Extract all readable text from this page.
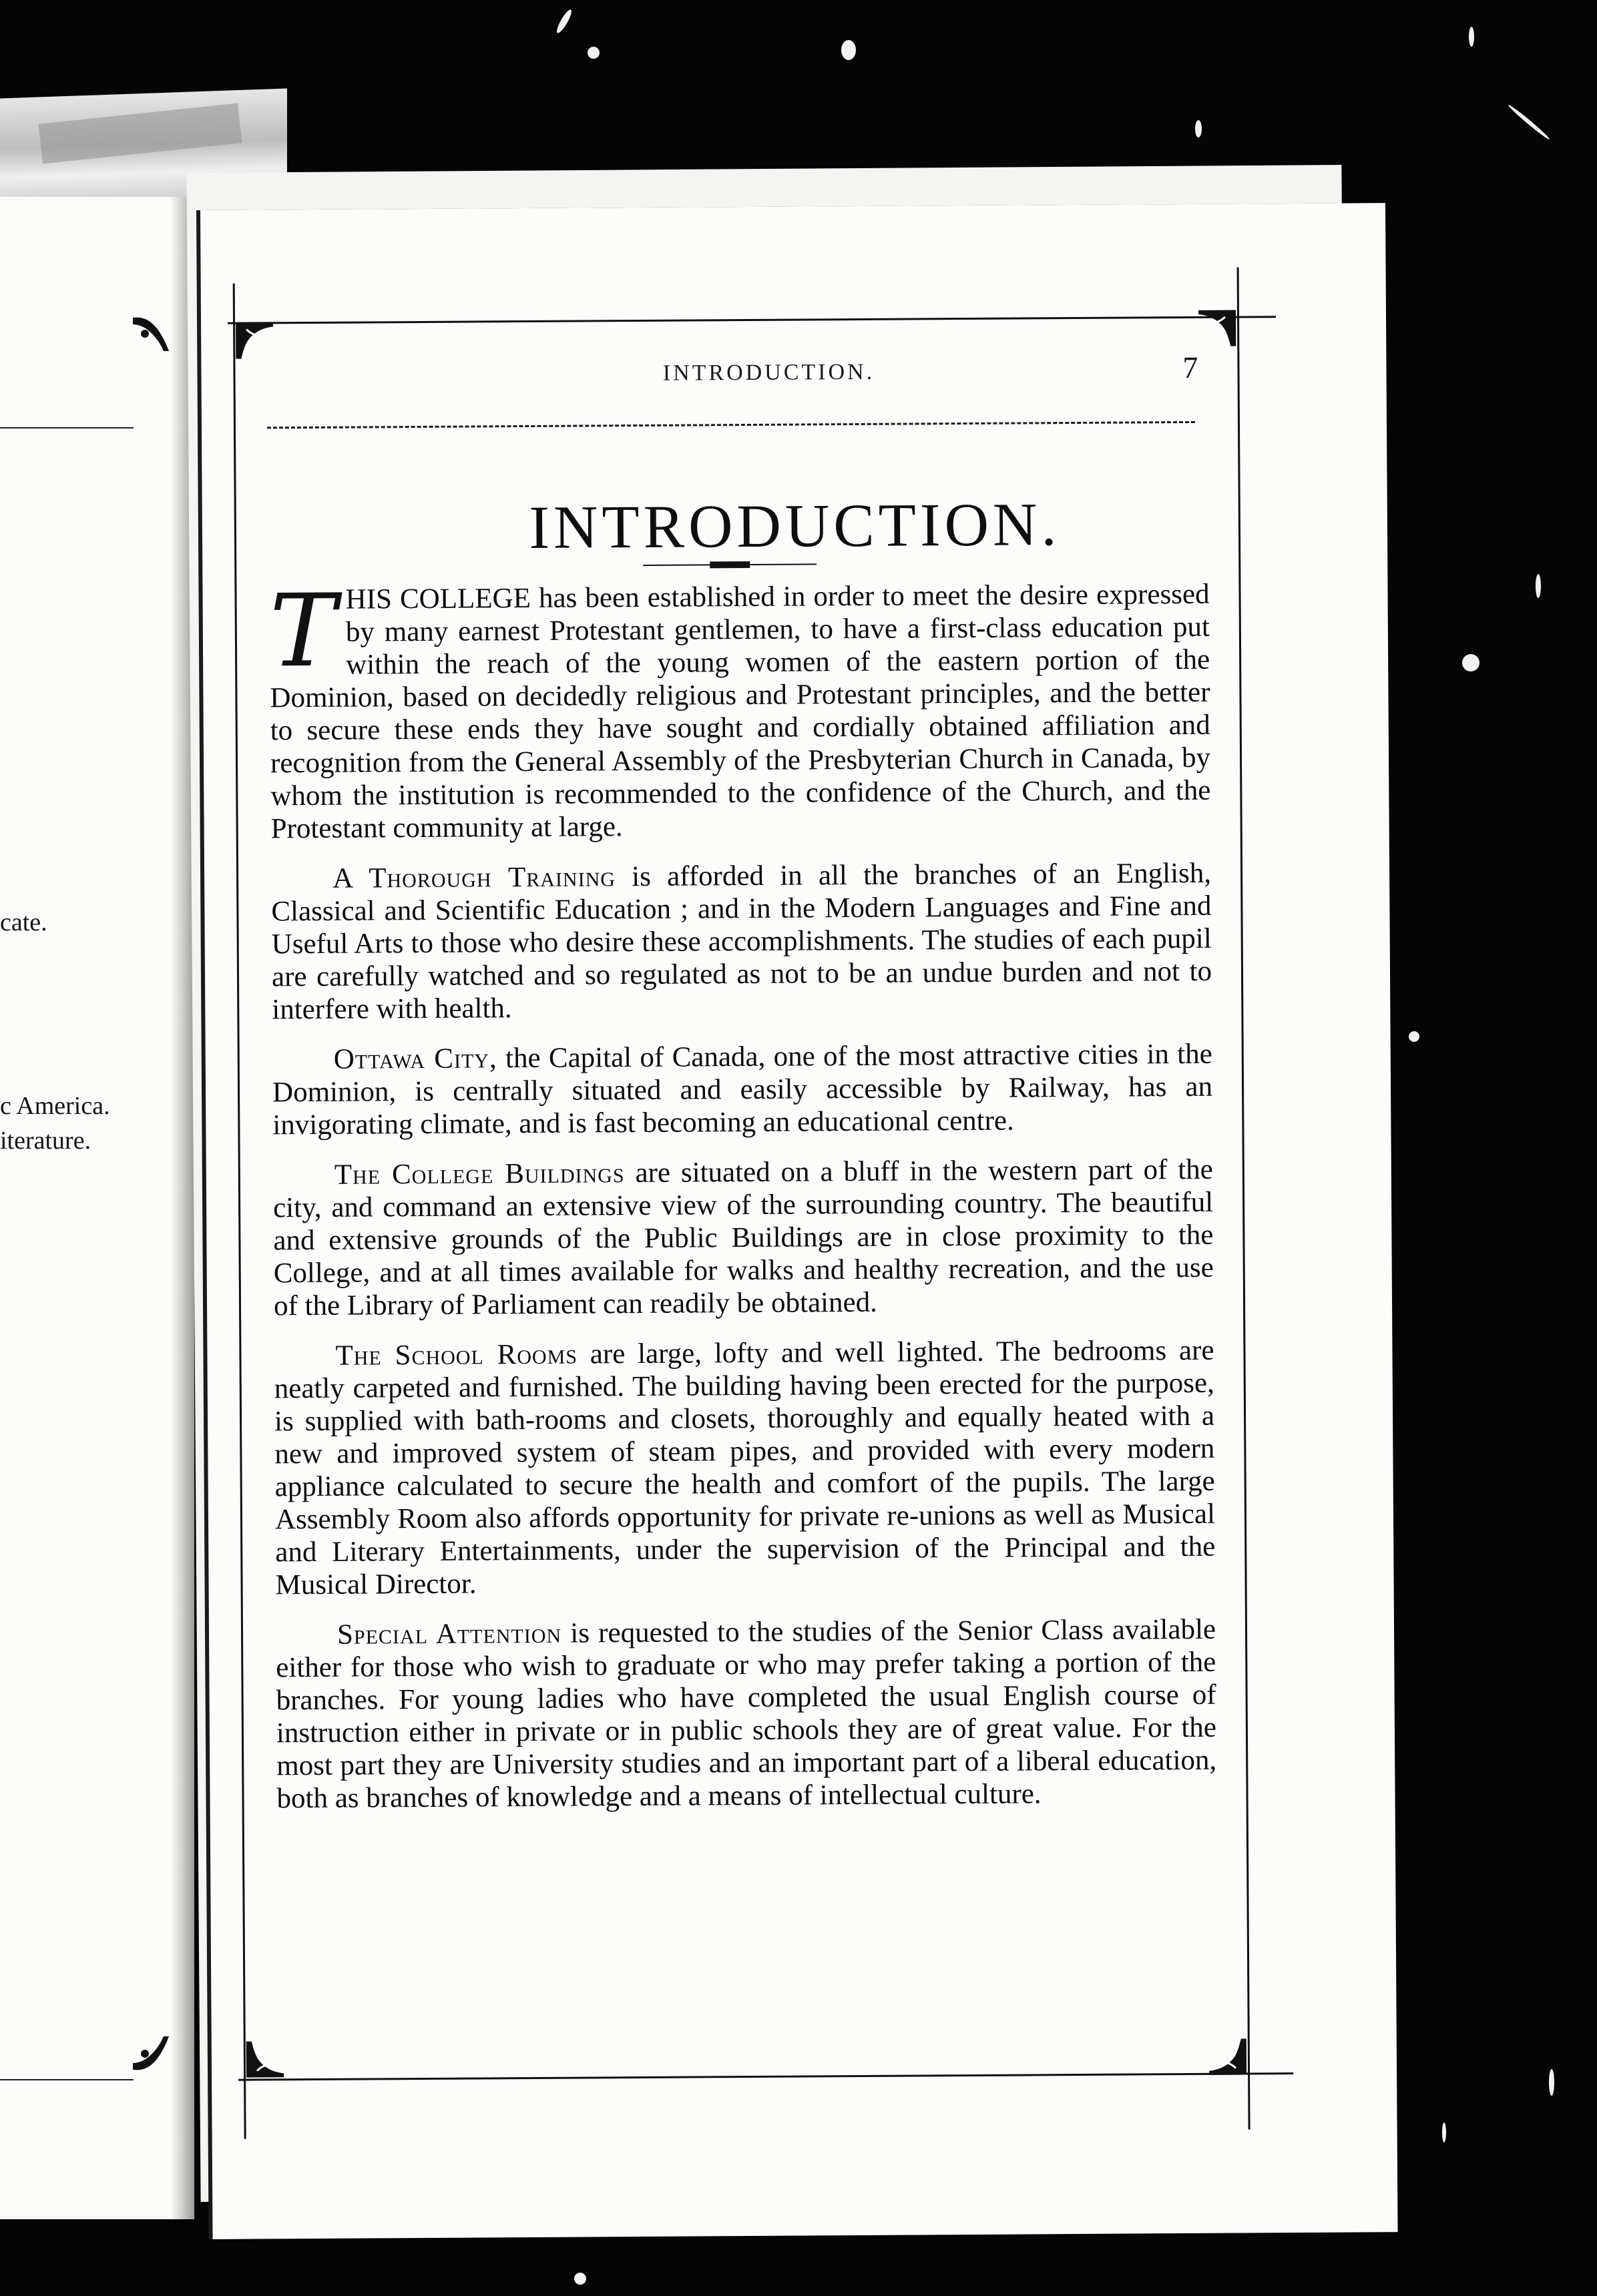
cate.
c America.
iterature.
INTRODUCTION.	7
INTRODUCTION.

THIS COLLEGE has been established in order to meet the desire expressed by many earnest Protestant gentlemen, to have a first-class education put within the reach of the young women of the eastern portion of the Dominion, based on decidedly religious and Protestant principles, and the better to secure these ends they have sought and cordially obtained affiliation and recognition from the General Assembly of the Presbyterian Church in Canada, by whom the institution is recommended to the confidence of the Church, and the Protestant community at large.

A Thorough Training is afforded in all the branches of an English, Classical and Scientific Education ; and in the Modern Languages and Fine and Useful Arts to those who desire these accomplishments. The studies of each pupil are carefully watched and so regulated as not to be an undue burden and not to interfere with health.

Ottawa City, the Capital of Canada, one of the most attractive cities in the Dominion, is centrally situated and easily accessible by Railway, has an invigorating climate, and is fast becoming an educational centre.

The College Buildings are situated on a bluff in the western part of the city, and command an extensive view of the surrounding country. The beautiful and extensive grounds of the Public Buildings are in close proximity to the College, and at all times available for walks and healthy recreation, and the use of the Library of Parliament can readily be obtained.

The School Rooms are large, lofty and well lighted. The bedrooms are neatly carpeted and furnished. The building having been erected for the purpose, is supplied with bath-rooms and closets, thoroughly and equally heated with a new and improved system of steam pipes, and provided with every modern appliance calculated to secure the health and comfort of the pupils. The large Assembly Room also affords opportunity for private re-unions as well as Musical and Literary Entertainments, under the supervision of the Principal and the Musical Director.

Special Attention is requested to the studies of the Senior Class available either for those who wish to graduate or who may prefer taking a portion of the branches. For young ladies who have completed the usual English course of instruction either in private or in public schools they are of great value. For the most part they are University studies and an important part of a liberal education, both as branches of knowledge and a means of intellectual culture.
